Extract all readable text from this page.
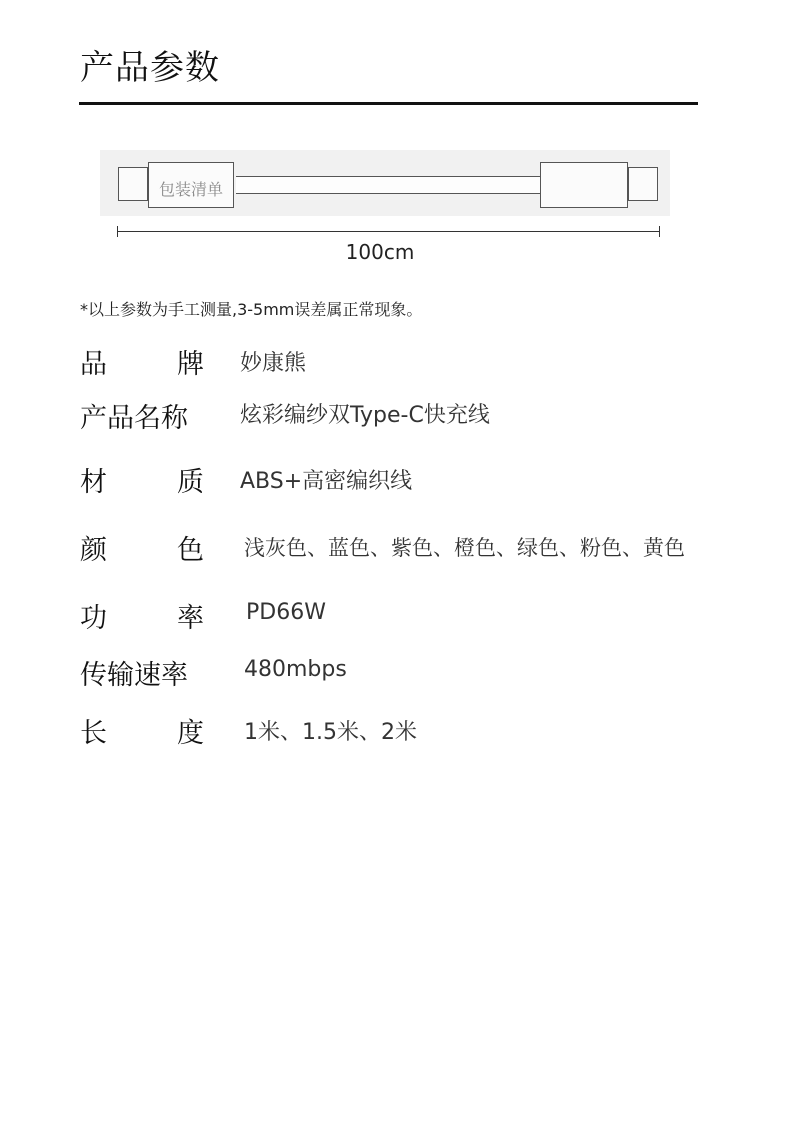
产品参数
包装清单
100cm
*以上参数为手工测量,3-5mm误差属正常现象。
品	牌 妙康熊
产品名称 炫彩编纱双Type-C快充线
材	质 ABS+高密编织线
颜	色 浅灰色、蓝色、紫色、橙色、绿色、粉色、黄色
功	率 PD66W
传输速率	480mbps
长	度 1米、1.5米、2米
